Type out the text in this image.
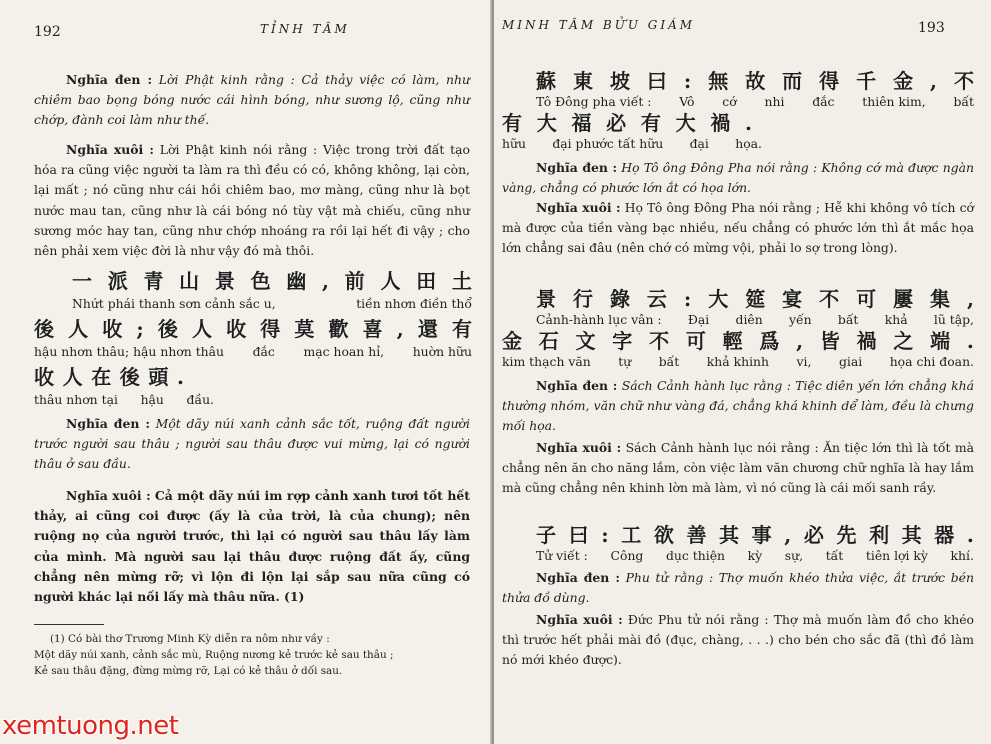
192	TỈNH TÂM
Nghĩa đen : Lời Phật kinh rằng : Cả thảy việc có làm, như chiêm bao bọng bóng nước cái hình bóng, như sương lộ, cũng như chớp, đành coi làm như thế.
Nghĩa xuôi : Lời Phật kinh nói rằng : Việc trong trời đất tạo hóa ra cũng việc người ta làm ra thì đều có có, không không, lại còn, lại mất ; nó cũng như cái hồi chiêm bao, mơ màng, cũng như là bọt nước mau tan, cũng như là cái bóng nó tùy vật mà chiếu, cũng như sương móc hay tan, cũng như chớp nhoáng ra rồi lại hết đi vậy ; cho nên phải xem việc đời là như vậy đó mà thôi.
一 派 青 山 景 色 幽 , 前 人 田 土
Nhứt phái thanh sơn cảnh sắc u,	tiền nhơn điền thổ
後 人 收 ; 後 人 收 得 莫 歡 喜 , 還 有
hậu nhơn thâu; hậu nhơn thâu đắc mạc hoan hỉ, huờn hữu
收 人 在 後 頭 .
thâu nhơn tại hậu đầu.
Nghĩa đen : Một dãy núi xanh cảnh sắc tốt, ruộng đất người trước người sau thâu ; người sau thâu được vui mừng, lại có người thâu ở sau đầu.
Nghĩa xuôi : Cả một dãy núi im rợp cảnh xanh tươi tốt hết thảy, ai cũng coi được (ấy là của trời, là của chung); nên ruộng nọ của người trước, thì lại có người sau thâu lấy làm của mình. Mà người sau lại thâu được ruộng đất ấy, cũng chẳng nên mừng rỡ; vì lộn đi lộn lại sắp sau nữa cũng có người khác lại nối lấy mà thâu nữa. (1)
(1) Có bài thơ Trương Minh Kỳ diễn ra nôm như vầy :
Một dãy núi xanh, cảnh sắc mù, Ruộng nương kẻ trước kẻ sau thâu ;
Kẻ sau thâu đặng, đừng mừng rỡ, Lại có kẻ thâu ở dối sau.
MINH TÂM BỬU GIÁM	193
蘇 東 坡 曰 : 無 故 而 得 千 金 , 不
Tô Đông pha viết : Vô cớ nhi đắc thiên kim, bất
有 大 福 必 有 大 禍 .
hữu đại phước tất hữu đại họa.
Nghĩa đen : Họ Tô ông Đông Pha nói rằng : Không cớ mà được ngàn vàng, chẳng có phước lớn ắt có họa lớn.
Nghĩa xuôi : Họ Tô ông Đông Pha nói rằng ; Hễ khi không vô tích cớ mà được của tiền vàng bạc nhiều, nếu chẳng có phước lớn thì ắt mắc họa lớn chẳng sai đâu (nên chớ có mừng vội, phải lo sợ trong lòng).
景 行 錄 云 : 大 筵 宴 不 可 屢 集 ,
Cảnh-hành lục vân : Đại diên yến bất khả lũ tập,
金 石 文 字 不 可 輕 爲 , 皆 禍 之 端 .
kim thạch văn tự bất khả khinh vi, giai họa chi đoan.
Nghĩa đen : Sách Cảnh hành lục rằng : Tiệc diên yến lớn chẳng khá thường nhóm, văn chữ như vàng đá, chẳng khá khinh dể làm, đều là chưng mối họa.
Nghĩa xuôi : Sách Cảnh hành lục nói rằng : Ăn tiệc lớn thì là tốt mà chẳng nên ăn cho năng lắm, còn việc làm văn chương chữ nghĩa là hay lắm mà cũng chẳng nên khinh lờn mà làm, vì nó cũng là cái mối sanh rầy.
子 曰 : 工 欲 善 其 事 , 必 先 利 其 器 .
Tử viết : Công dục thiện kỳ sự, tất tiên lợi kỳ khí.
Nghĩa đen : Phu tử rằng : Thợ muốn khéo thửa việc, ắt trước bén thửa đồ dùng.
Nghĩa xuôi : Đức Phu tử nói rằng : Thợ mà muốn làm đồ cho khéo thì trước hết phải mài đồ (đục, chàng, . . .) cho bén cho sắc đã (thì đồ làm nó mới khéo được).
xemtuong.net
